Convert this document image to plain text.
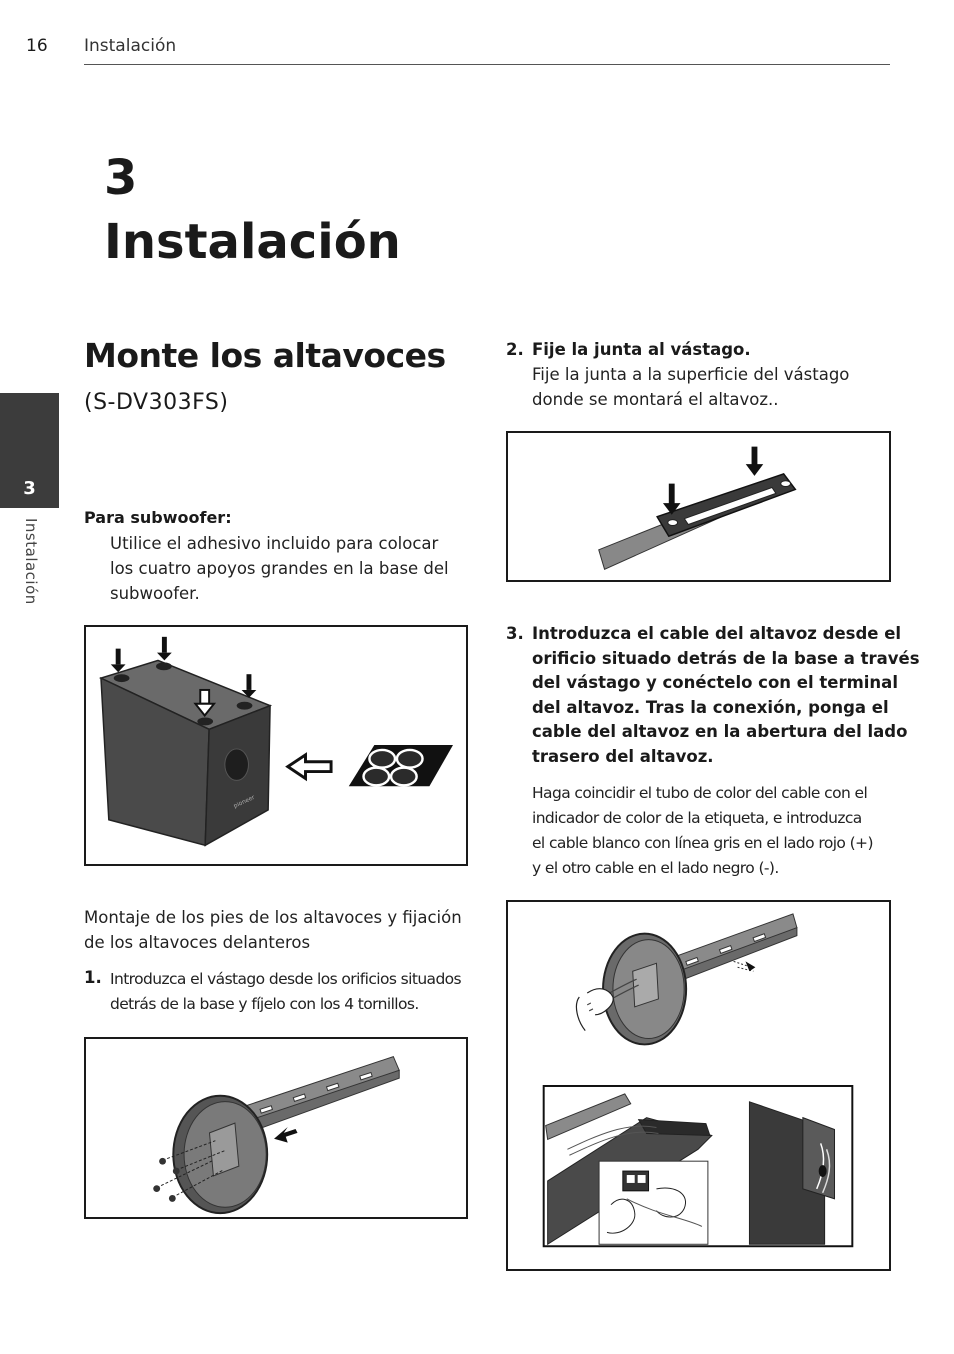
16 Instalación
3
Instalación
3
Instalación
Monte los altavoces
(S-DV303FS)
Para subwoofer:
Utilice el adhesivo incluido para colocar
los cuatro apoyos grandes en la base del
subwoofer.
pioneer
Montaje de los pies de los altavoces y fijación
de los altavoces delanteros
1. Introduzca el vástago desde los orificios situados
detrás de la base y fíjelo con los 4 tornillos.
2. Fije la junta al vástago.
Fije la junta a la superficie del vástago
donde se montará el altavoz..
3. Introduzca el cable del altavoz desde el
orificio situado detrás de la base a través
del vástago y conéctelo con el terminal
del altavoz. Tras la conexión, ponga el
cable del altavoz en la abertura del lado
trasero del altavoz.
Haga coincidir el tubo de color del cable con el
indicador de color de la etiqueta, e introduzca
el cable blanco con línea gris en el lado rojo (+)
y el otro cable en el lado negro (-).
